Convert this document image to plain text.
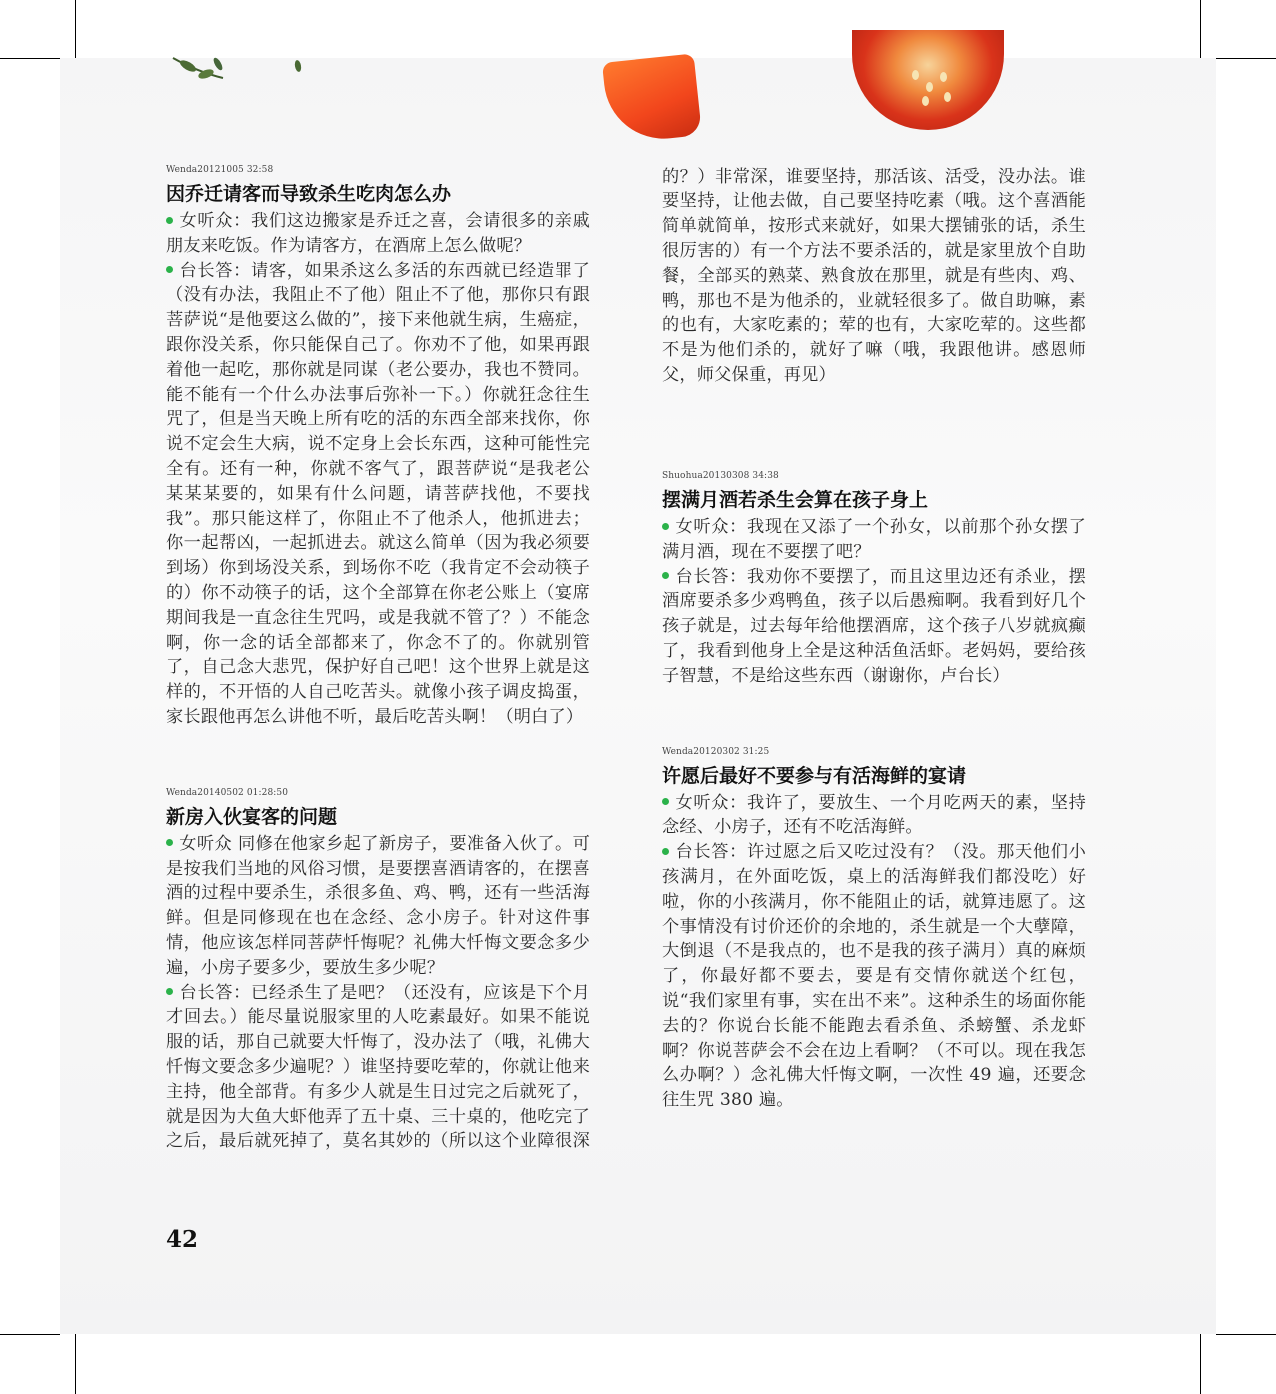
Wenda20121005 32:58
因乔迁请客而导致杀生吃肉怎么办

女听众：我们这边搬家是乔迁之喜，会请很多的亲戚朋友来吃饭。作为请客方，在酒席上怎么做呢？

台长答：请客，如果杀这么多活的东西就已经造罪了（没有办法，我阻止不了他）阻止不了他，那你只有跟菩萨说“是他要这么做的”，接下来他就生病，生癌症，跟你没关系，你只能保自己了。你劝不了他，如果再跟着他一起吃，那你就是同谋（老公要办，我也不赞同。能不能有一个什么办法事后弥补一下。）你就狂念往生咒了，但是当天晚上所有吃的活的东西全部来找你，你说不定会生大病，说不定身上会长东西，这种可能性完全有。还有一种，你就不客气了，跟菩萨说“是我老公某某某要的，如果有什么问题，请菩萨找他，不要找我”。那只能这样了，你阻止不了他杀人，他抓进去；你一起帮凶，一起抓进去。就这么简单（因为我必须要到场）你到场没关系，到场你不吃（我肯定不会动筷子的）你不动筷子的话，这个全部算在你老公账上（宴席期间我是一直念往生咒吗，或是我就不管了？）不能念啊，你一念的话全部都来了，你念不了的。你就别管了，自己念大悲咒，保护好自己吧！这个世界上就是这样的，不开悟的人自己吃苦头。就像小孩子调皮捣蛋，家长跟他再怎么讲他不听，最后吃苦头啊！（明白了）

Wenda20140502 01:28:50
新房入伙宴客的问题

女听众 同修在他家乡起了新房子，要准备入伙了。可是按我们当地的风俗习惯，是要摆喜酒请客的，在摆喜酒的过程中要杀生，杀很多鱼、鸡、鸭，还有一些活海鲜。但是同修现在也在念经、念小房子。针对这件事情，他应该怎样同菩萨忏悔呢？礼佛大忏悔文要念多少遍，小房子要多少，要放生多少呢？

台长答：已经杀生了是吧？（还没有，应该是下个月才回去。）能尽量说服家里的人吃素最好。如果不能说服的话，那自己就要大忏悔了，没办法了（哦，礼佛大忏悔文要念多少遍呢？）谁坚持要吃荤的，你就让他来主持，他全部背。有多少人就是生日过完之后就死了，就是因为大鱼大虾他弄了五十桌、三十桌的，他吃完了之后，最后就死掉了，莫名其妙的（所以这个业障很深

的？）非常深，谁要坚持，那活该、活受，没办法。谁要坚持，让他去做，自己要坚持吃素（哦。这个喜酒能简单就简单，按形式来就好，如果大摆铺张的话，杀生很厉害的）有一个方法不要杀活的，就是家里放个自助餐，全部买的熟菜、熟食放在那里，就是有些肉、鸡、鸭，那也不是为他杀的，业就轻很多了。做自助嘛，素的也有，大家吃素的；荤的也有，大家吃荤的。这些都不是为他们杀的，就好了嘛（哦，我跟他讲。感恩师父，师父保重，再见）

Shuohua20130308 34:38
摆满月酒若杀生会算在孩子身上

女听众：我现在又添了一个孙女，以前那个孙女摆了满月酒，现在不要摆了吧？

台长答：我劝你不要摆了，而且这里边还有杀业，摆酒席要杀多少鸡鸭鱼，孩子以后愚痴啊。我看到好几个孩子就是，过去每年给他摆酒席，这个孩子八岁就疯癫了，我看到他身上全是这种活鱼活虾。老妈妈，要给孩子智慧，不是给这些东西（谢谢你，卢台长）

Wenda20120302 31:25
许愿后最好不要参与有活海鲜的宴请

女听众：我许了，要放生、一个月吃两天的素，坚持念经、小房子，还有不吃活海鲜。

台长答：许过愿之后又吃过没有？（没。那天他们小孩满月，在外面吃饭，桌上的活海鲜我们都没吃）好啦，你的小孩满月，你不能阻止的话，就算违愿了。这个事情没有讨价还价的余地的，杀生就是一个大孽障，大倒退（不是我点的，也不是我的孩子满月）真的麻烦了，你最好都不要去，要是有交情你就送个红包，说“我们家里有事，实在出不来”。这种杀生的场面你能去的？你说台长能不能跑去看杀鱼、杀螃蟹、杀龙虾啊？你说菩萨会不会在边上看啊？（不可以。现在我怎么办啊？）念礼佛大忏悔文啊，一次性 49 遍，还要念往生咒 380 遍。

42
